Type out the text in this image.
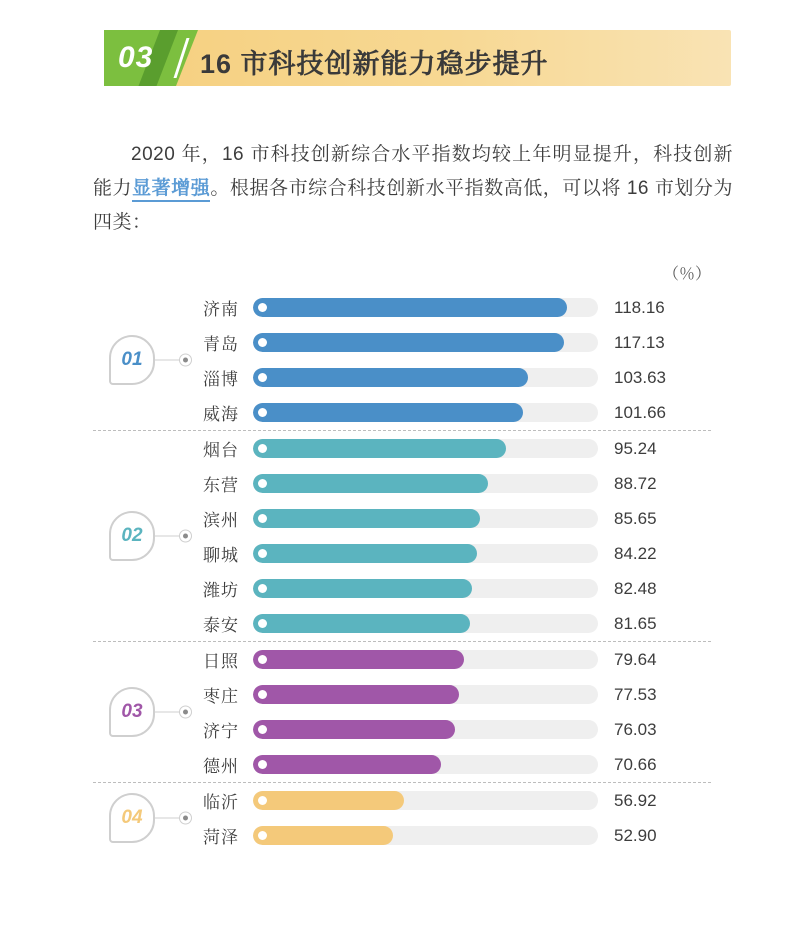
03 16 市科技创新能力稳步提升
2020 年，16 市科技创新综合水平指数均较上年明显提升，科技创新能力显著增强。根据各市综合科技创新水平指数高低，可以将 16 市划分为四类：
（％）
济南	118.16
青岛	117.13
淄博	103.63
威海	101.66
01
烟台	95.24
东营	88.72
滨州	85.65
聊城	84.22
潍坊	82.48
泰安	81.65
02
日照	79.64
枣庄	77.53
济宁	76.03
德州	70.66
03
临沂	56.92
菏泽	52.90
04
